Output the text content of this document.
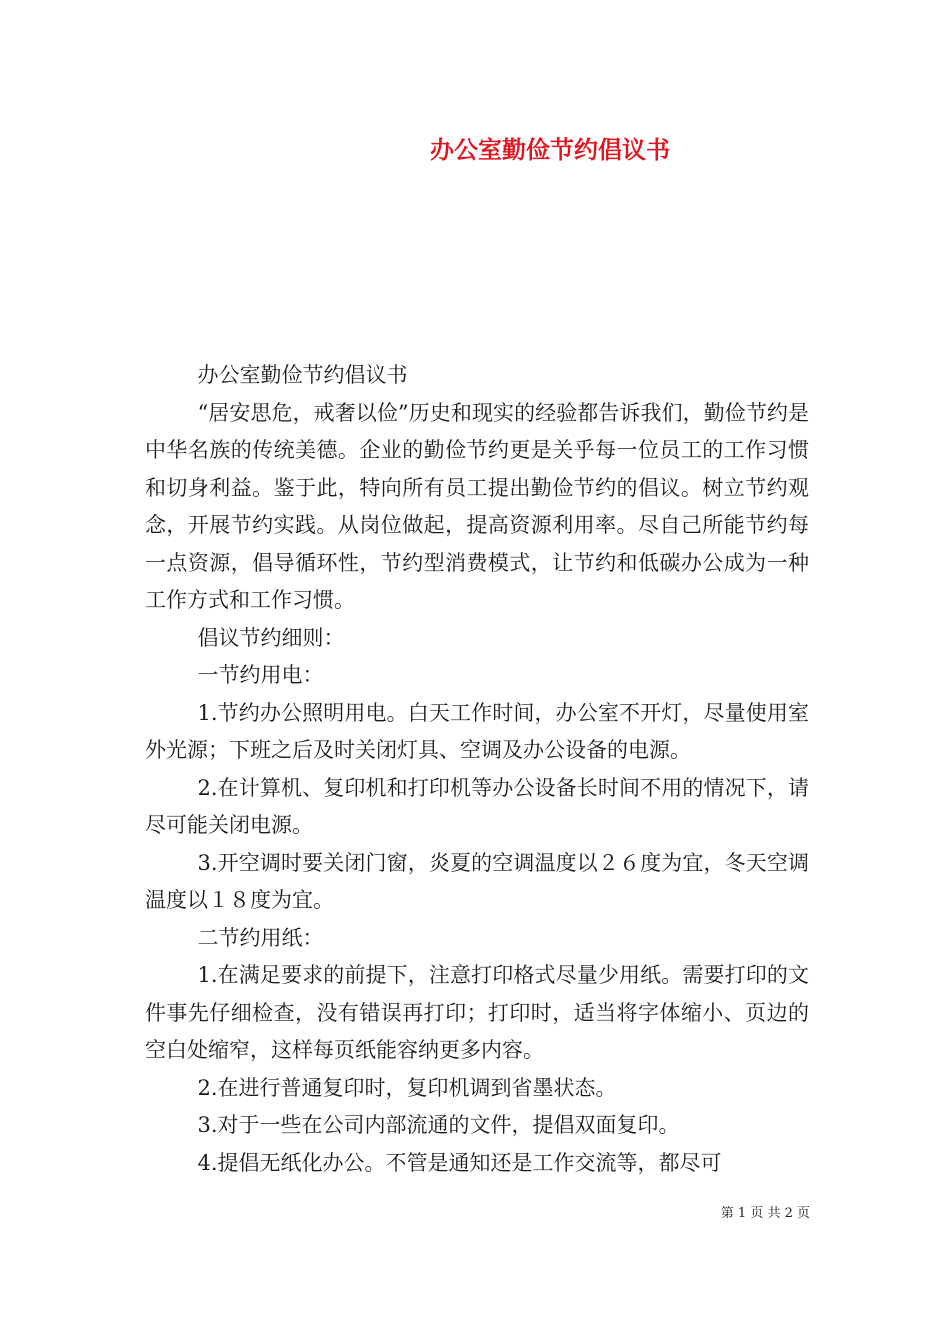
办公室勤俭节约倡议书

办公室勤俭节约倡议书

“居安思危，戒奢以俭”历史和现实的经验都告诉我们，勤俭节约是中华名族的传统美德。企业的勤俭节约更是关乎每一位员工的工作习惯和切身利益。鉴于此，特向所有员工提出勤俭节约的倡议。树立节约观念，开展节约实践。从岗位做起，提高资源利用率。尽自己所能节约每一点资源，倡导循环性，节约型消费模式，让节约和低碳办公成为一种工作方式和工作习惯。

倡议节约细则：

一节约用电：

1.节约办公照明用电。白天工作时间，办公室不开灯，尽量使用室外光源；下班之后及时关闭灯具、空调及办公设备的电源。

2.在计算机、复印机和打印机等办公设备长时间不用的情况下，请尽可能关闭电源。

3.开空调时要关闭门窗，炎夏的空调温度以２６度为宜，冬天空调温度以１８度为宜。

二节约用纸：

1.在满足要求的前提下，注意打印格式尽量少用纸。需要打印的文件事先仔细检查，没有错误再打印；打印时，适当将字体缩小、页边的空白处缩窄，这样每页纸能容纳更多内容。

2.在进行普通复印时，复印机调到省墨状态。

3.对于一些在公司内部流通的文件，提倡双面复印。

4.提倡无纸化办公。不管是通知还是工作交流等，都尽可

第 1 页 共 2 页
